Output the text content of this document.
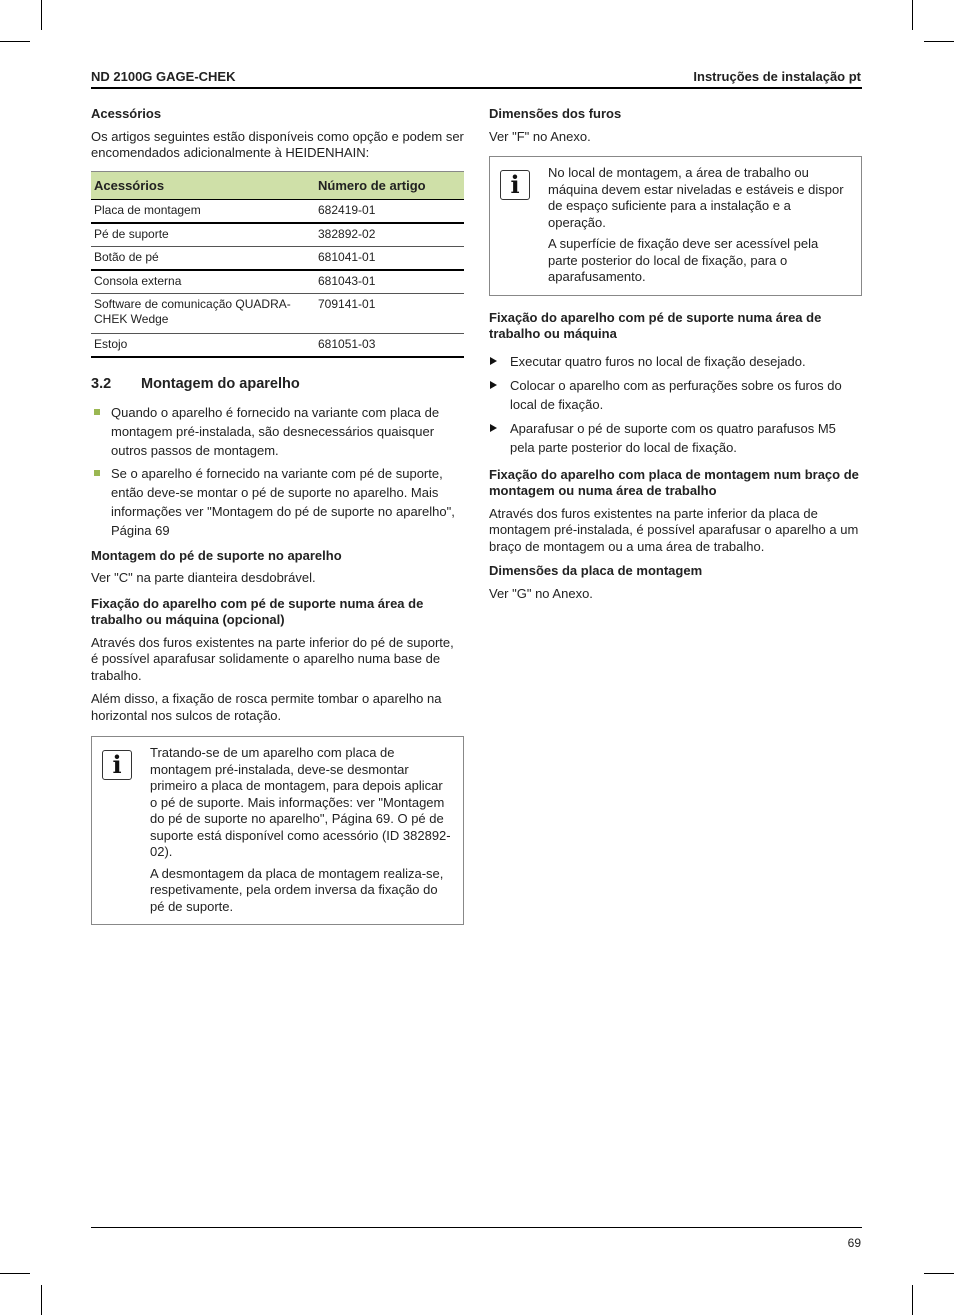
ND 2100G GAGE-CHEK	Instruções de instalação pt
Acessórios

Os artigos seguintes estão disponíveis como opção e podem ser encomendados adicionalmente à HEIDENHAIN:

Acessórios	Número de artigo
Placa de montagem	682419-01
Pé de suporte	382892-02
Botão de pé	681041-01
Consola externa	681043-01
Software de comunicação QUADRA- CHEK Wedge	709141-01
Estojo	681051-03
3.2	Montagem do aparelho
Quando o aparelho é fornecido na variante com placa de montagem pré-instalada, são desnecessários quaisquer outros passos de montagem.
Se o aparelho é fornecido na variante com pé de suporte, então deve-se montar o pé de suporte no aparelho. Mais informações ver "Montagem do pé de suporte no aparelho", Página 69
Montagem do pé de suporte no aparelho

Ver "C" na parte dianteira desdobrável.

Fixação do aparelho com pé de suporte numa área de trabalho ou máquina (opcional)

Através dos furos existentes na parte inferior do pé de suporte, é possível aparafusar solidamente o aparelho numa base de trabalho.

Além disso, a fixação de rosca permite tombar o aparelho na horizontal nos sulcos de rotação.

i	Tratando-se de um aparelho com placa de montagem pré-instalada, deve-se desmontar primeiro a placa de montagem, para depois aplicar o pé de suporte. Mais informações: ver "Montagem do pé de suporte no aparelho", Página 69. O pé de suporte está disponível como acessório (ID 382892-02).

A desmontagem da placa de montagem realiza-se, respetivamente, pela ordem inversa da fixação do pé de suporte.

Dimensões dos furos

Ver "F" no Anexo.

i	No local de montagem, a área de trabalho ou máquina devem estar niveladas e estáveis e dispor de espaço suficiente para a instalação e a operação.

A superfície de fixação deve ser acessível pela parte posterior do local de fixação, para o aparafusamento.

Fixação do aparelho com pé de suporte numa área de trabalho ou máquina
Executar quatro furos no local de fixação desejado.
Colocar o aparelho com as perfurações sobre os furos do local de fixação.
Aparafusar o pé de suporte com os quatro parafusos M5 pela parte posterior do local de fixação.
Fixação do aparelho com placa de montagem num braço de montagem ou numa área de trabalho

Através dos furos existentes na parte inferior da placa de montagem pré-instalada, é possível aparafusar o aparelho a um braço de montagem ou a uma área de trabalho.

Dimensões da placa de montagem

Ver "G" no Anexo.

69
